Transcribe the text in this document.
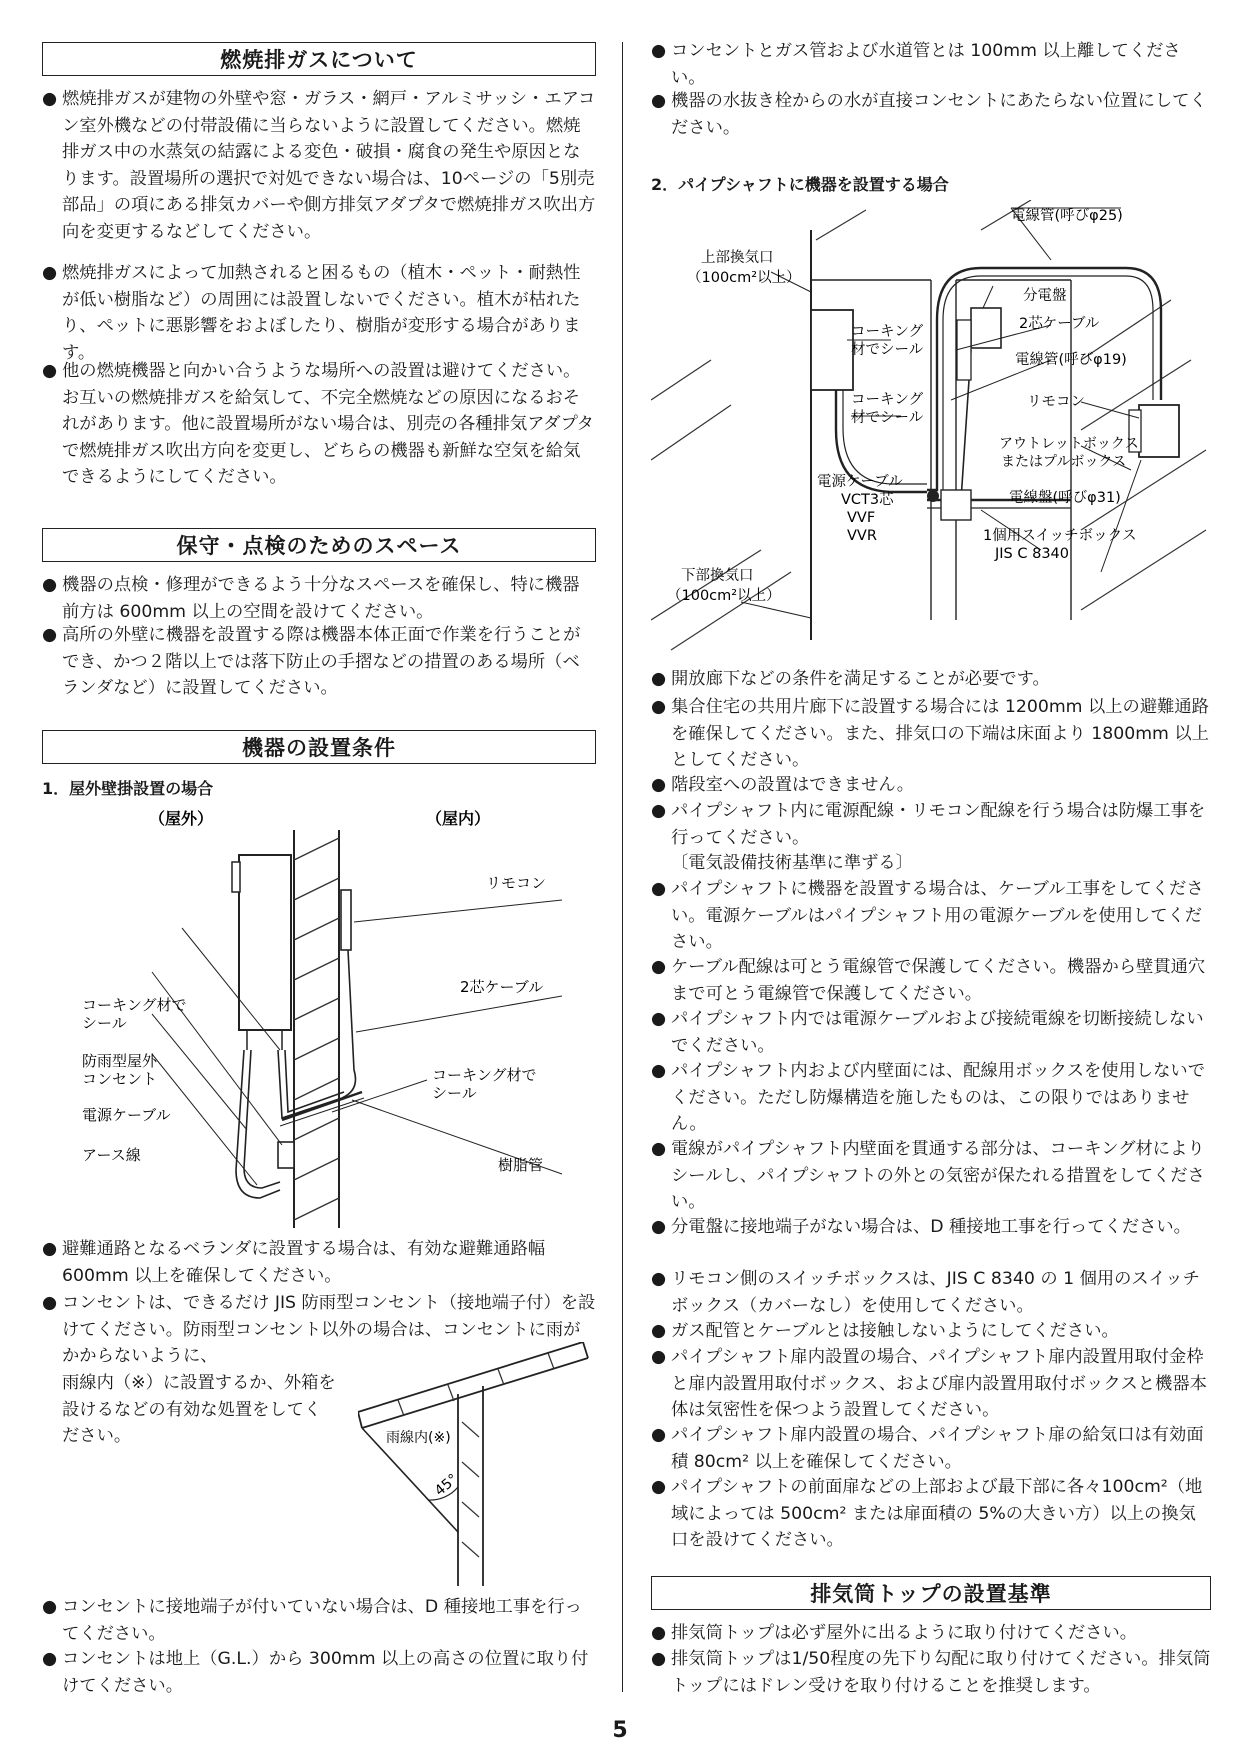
燃焼排ガスについて

● 燃焼排ガスが建物の外壁や窓・ガラス・網戸・アルミサッシ・エアコン室外機などの付帯設備に当らないように設置してください。燃焼排ガス中の水蒸気の結露による変色・破損・腐食の発生や原因となります。設置場所の選択で対処できない場合は、10ページの「5別売部品」の項にある排気カバーや側方排気アダプタで燃焼排ガス吹出方向を変更するなどしてください。

● 燃焼排ガスによって加熱されると困るもの（植木・ペット・耐熱性が低い樹脂など）の周囲には設置しないでください。植木が枯れたり、ペットに悪影響をおよぼしたり、樹脂が変形する場合があります。

● 他の燃焼機器と向かい合うような場所への設置は避けてください。お互いの燃焼排ガスを給気して、不完全燃焼などの原因になるおそれがあります。他に設置場所がない場合は、別売の各種排気アダプタで燃焼排ガス吹出方向を変更し、どちらの機器も新鮮な空気を給気できるようにしてください。

保守・点検のためのスペース

● 機器の点検・修理ができるよう十分なスペースを確保し、特に機器前方は 600mm 以上の空間を設けてください。

● 高所の外壁に機器を設置する際は機器本体正面で作業を行うことができ、かつ２階以上では落下防止の手摺などの措置のある場所（ベランダなど）に設置してください。

機器の設置条件
1．屋外壁掛設置の場合
（屋外）	（屋内）
リモコン
コーキング材で
シール
2芯ケーブル
防雨型屋外
コンセント	コーキング材で
シール
電源ケーブル
アース線
樹脂管

● 避難通路となるベランダに設置する場合は、有効な避難通路幅 600mm 以上を確保してください。

● コンセントは、できるだけ JIS 防雨型コンセント（接地端子付）を設けてください。防雨型コンセント以外の場合は、コンセントに雨がかからないように、

雨線内（※）に設置するか、外箱を設けるなどの有効な処置をしてください。	雨線内(※)
45°

● コンセントに接地端子が付いていない場合は、D 種接地工事を行ってください。

● コンセントは地上（G.L.）から 300mm 以上の高さの位置に取り付けてください。

● コンセントとガス管および水道管とは 100mm 以上離してください。

● 機器の水抜き栓からの水が直接コンセントにあたらない位置にしてください。

2．パイプシャフトに機器を設置する場合
電線管(呼びφ25)
上部換気口
（100cm²以上）
分電盤
コーキング
材でシール
2芯ケーブル
電線管(呼びφ19)
コーキング
材でシール
リモコン
アウトレットボックス
またはプルボックス
電源ケーブル
VCT3芯
VVF
VVR
電線盤(呼びφ31)
下部換気口
（100cm²以上）
1個用スイッチボックス
JIS C 8340

● 開放廊下などの条件を満足することが必要です。

● 集合住宅の共用片廊下に設置する場合には 1200mm 以上の避難通路を確保してください。また、排気口の下端は床面より 1800mm 以上としてください。

● 階段室への設置はできません。

● パイプシャフト内に電源配線・リモコン配線を行う場合は防爆工事を行ってください。

〔電気設備技術基準に準ずる〕

● パイプシャフトに機器を設置する場合は、ケーブル工事をしてください。電源ケーブルはパイプシャフト用の電源ケーブルを使用してください。

● ケーブル配線は可とう電線管で保護してください。機器から壁貫通穴まで可とう電線管で保護してください。

● パイプシャフト内では電源ケーブルおよび接続電線を切断接続しないでください。

● パイプシャフト内および内壁面には、配線用ボックスを使用しないでください。ただし防爆構造を施したものは、この限りではありません。

● 電線がパイプシャフト内壁面を貫通する部分は、コーキング材によりシールし、パイプシャフトの外との気密が保たれる措置をしてください。

● 分電盤に接地端子がない場合は、D 種接地工事を行ってください。

● リモコン側のスイッチボックスは、JIS C 8340 の 1 個用のスイッチボックス（カバーなし）を使用してください。

● ガス配管とケーブルとは接触しないようにしてください。

● パイプシャフト扉内設置の場合、パイプシャフト扉内設置用取付金枠と扉内設置用取付ボックス、および扉内設置用取付ボックスと機器本体は気密性を保つよう設置してください。

● パイプシャフト扉内設置の場合、パイプシャフト扉の給気口は有効面積 80cm² 以上を確保してください。

● パイプシャフトの前面扉などの上部および最下部に各々100cm²（地域によっては 500cm² または扉面積の 5%の大きい方）以上の換気口を設けてください。

排気筒トップの設置基準

● 排気筒トップは必ず屋外に出るように取り付けてください。

● 排気筒トップは1/50程度の先下り勾配に取り付けてください。排気筒トップにはドレン受けを取り付けることを推奨します。

5
